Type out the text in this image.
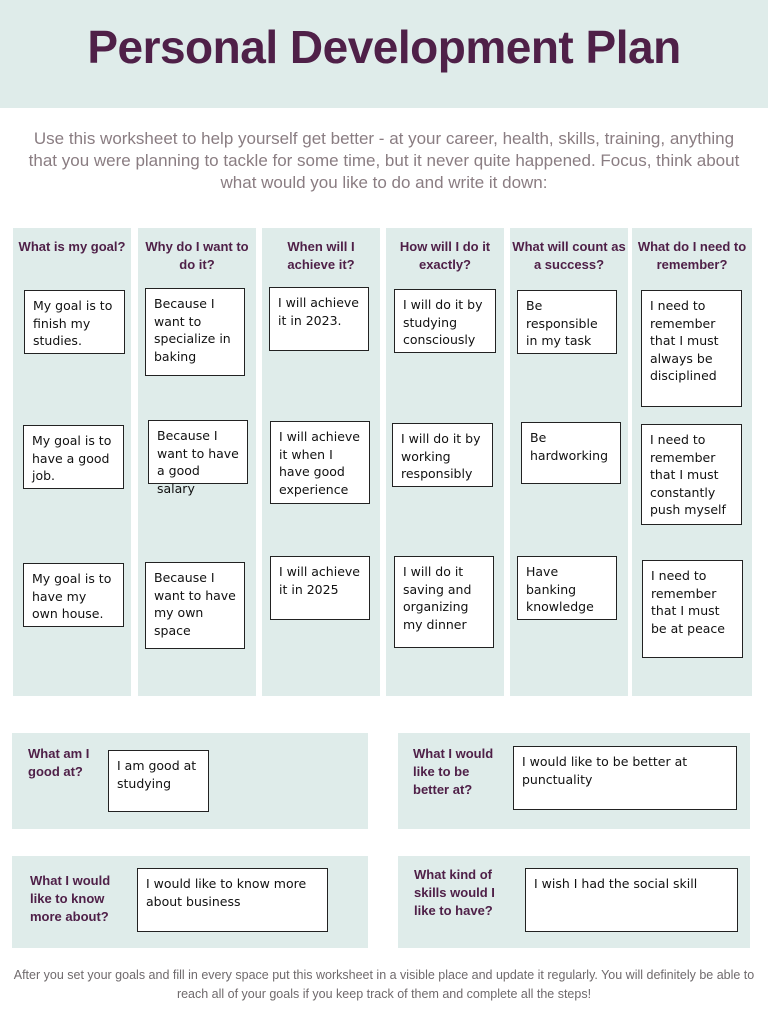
Personal Development Plan

Use this worksheet to help yourself get better - at your career, health, skills, training, anything that you were planning to tackle for some time, but it never quite happened. Focus, think about what would you like to do and write it down:

What is my goal?
My goal is to finish my studies.
My goal is to have a good job.
My goal is to have my own house.
Why do I want to do it?
Because I want to specialize in baking
Because I want to have a good salary
Because I want to have my own space
When will I achieve it?
I will achieve it in 2023.
I will achieve it when I have good experience
I will achieve it in 2025
How will I do it exactly?
I will do it by studying consciously
I will do it by working responsibly
I will do it saving and organizing my dinner
What will count as a success?
Be responsible in my task
Be hardworking
Have banking knowledge
What do I need to remember?
I need to remember that I must always be disciplined
I need to remember that I must constantly push myself
I need to remember that I must be at peace
What am I good at?	I am good at studying
What I would like to be better at?
I would like to be better at punctuality
What I would like to know more about?
I would like to know more about business
What kind of skills would I like to have?
I wish I had the social skill

After you set your goals and fill in every space put this worksheet in a visible place and update it regularly. You will definitely be able to reach all of your goals if you keep track of them and complete all the steps!
